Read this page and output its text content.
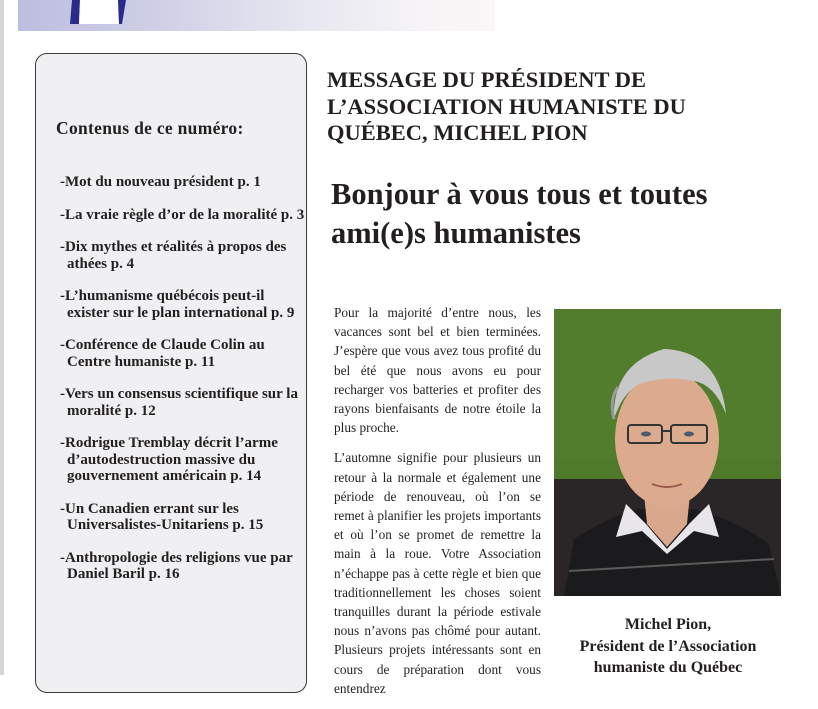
Contenus de ce numéro:
-Mot du nouveau président p. 1
-La vraie règle d’or de la moralité p. 3
-Dix mythes et réalités à propos des athées p. 4
-L’humanisme québécois peut-il exister sur le plan international p. 9
-Conférence de Claude Colin au Centre humaniste p. 11
-Vers un consensus scientifique sur la moralité p. 12
-Rodrigue Tremblay décrit l’arme d’autodestruction massive du gouvernement américain p. 14
-Un Canadien errant sur les Universalistes-Unitariens p. 15
-Anthropologie des religions vue par Daniel Baril p. 16
MESSAGE DU PRÉSIDENT DE L’ASSOCIATION HUMANISTE DU QUÉBEC, MICHEL PION
Bonjour à vous tous et toutes ami(e)s humanistes

Pour la majorité d’entre nous, les vacances sont bel et bien terminées. J’espère que vous avez tous profité du bel été que nous avons eu pour recharger vos batteries et profiter des rayons bienfaisants de notre étoile la plus proche.

L’automne signifie pour plusieurs un retour à la normale et également une période de renouveau, où l’on se remet à planifier les projets importants et où l’on se promet de remettre la main à la roue. Votre Association n’échappe pas à cette règle et bien que traditionnellement les choses soient tranquilles durant la période estivale nous n’avons pas chômé pour autant. Plusieurs projets intéressants sont en cours de préparation dont vous entendrez

Michel Pion,
Président de l’Association
humaniste du Québec
